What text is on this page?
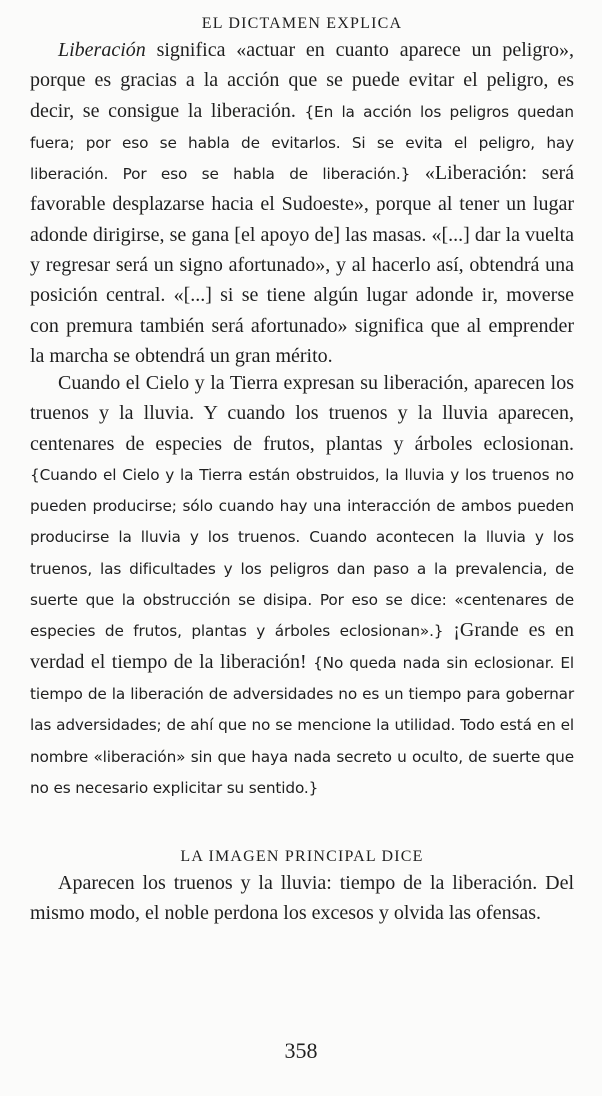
EL DICTAMEN EXPLICA

Liberación significa «actuar en cuanto aparece un peligro», porque es gracias a la acción que se puede evitar el peligro, es decir, se consigue la liberación. {En la acción los peligros quedan fuera; por eso se habla de evitarlos. Si se evita el peligro, hay liberación. Por eso se habla de liberación.} «Liberación: será favorable desplazarse hacia el Sudoeste», porque al tener un lugar adonde dirigirse, se gana [el apoyo de] las masas. «[...] dar la vuelta y regresar será un signo afortunado», y al hacerlo así, obtendrá una posición central. «[...] si se tiene algún lugar adonde ir, moverse con premura también será afortunado» significa que al emprender la marcha se obtendrá un gran mérito.

Cuando el Cielo y la Tierra expresan su liberación, aparecen los truenos y la lluvia. Y cuando los truenos y la lluvia aparecen, centenares de especies de frutos, plantas y árboles eclosionan. {Cuando el Cielo y la Tierra están obstruidos, la lluvia y los truenos no pueden producirse; sólo cuando hay una interacción de ambos pueden producirse la lluvia y los truenos. Cuando acontecen la lluvia y los truenos, las dificultades y los peligros dan paso a la prevalencia, de suerte que la obstrucción se disipa. Por eso se dice: «centenares de especies de frutos, plantas y árboles eclosionan».} ¡Grande es en verdad el tiempo de la liberación! {No queda nada sin eclosionar. El tiempo de la liberación de adversidades no es un tiempo para gobernar las adversidades; de ahí que no se mencione la utilidad. Todo está en el nombre «liberación» sin que haya nada secreto u oculto, de suerte que no es necesario explicitar su sentido.}

LA IMAGEN PRINCIPAL DICE

Aparecen los truenos y la lluvia: tiempo de la liberación. Del mismo modo, el noble perdona los excesos y olvida las ofensas.

358
